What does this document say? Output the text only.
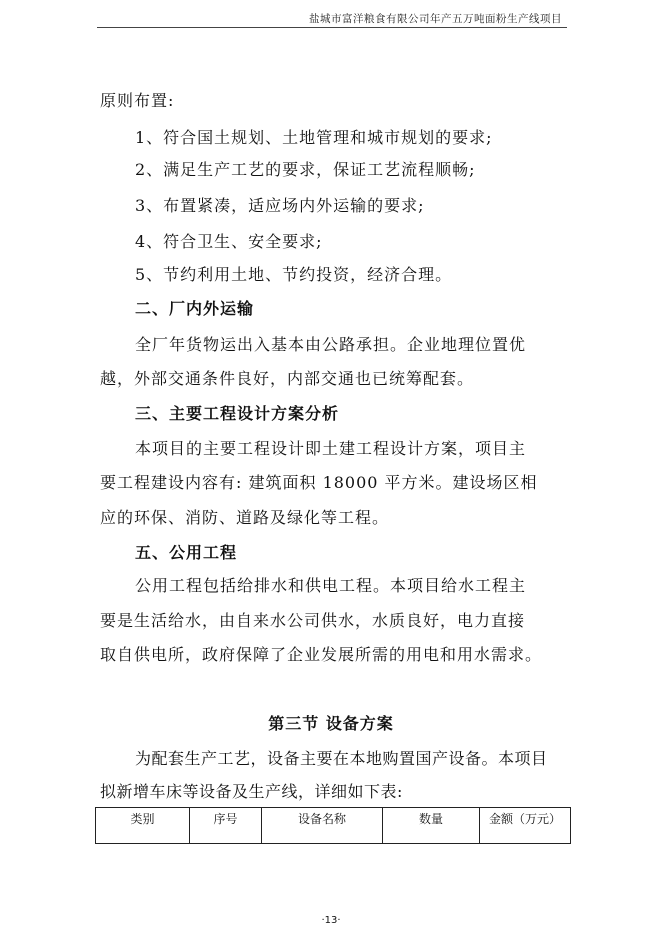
盐城市富洋粮食有限公司年产五万吨面粉生产线项目
原则布置:
1、符合国土规划、土地管理和城市规划的要求;
2、满足生产工艺的要求，保证工艺流程顺畅;
3、布置紧凑，适应场内外运输的要求;
4、符合卫生、安全要求;
5、节约利用土地、节约投资，经济合理。
二、厂内外运输
全厂年货物运出入基本由公路承担。企业地理位置优
越，外部交通条件良好，内部交通也已统筹配套。
三、主要工程设计方案分析
本项目的主要工程设计即土建工程设计方案，项目主
要工程建设内容有: 建筑面积 18000 平方米。建设场区相
应的环保、消防、道路及绿化等工程。
五、公用工程
公用工程包括给排水和供电工程。本项目给水工程主
要是生活给水，由自来水公司供水，水质良好，电力直接
取自供电所，政府保障了企业发展所需的用电和用水需求。
第三节 设备方案
为配套生产工艺，设备主要在本地购置国产设备。本项目
拟新增车床等设备及生产线，详细如下表:
类别	序号	设备名称	数量	金额（万元）
·13·
